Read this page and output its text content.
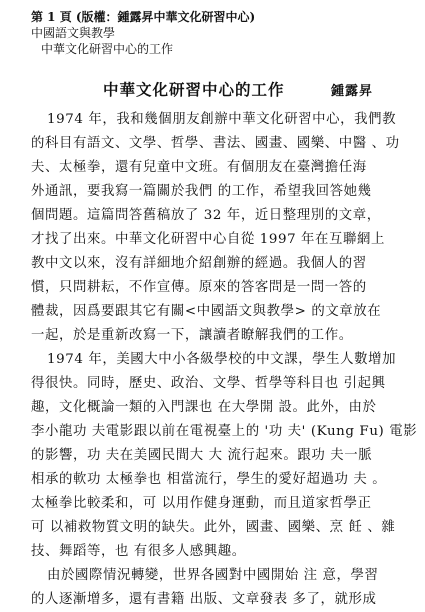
第 1 頁 (版權：鍾露昇中華文化研習中心)
中國語文與教學
中華文化研習中心的工作
中華文化研習中心的工作	鍾露昇
1974 年，我和幾個朋友創辦中華文化研習中心，我們教
的科目有語文、文學、哲學、書法、國畫、國樂、中醫 、功
夫、太極拳，還有兒童中文班。有個朋友在臺灣擔任海
外通訊，要我寫一篇關於我們 的工作，希望我回答她幾
個問題。這篇問答舊稿放了 32 年，近日整理別的文章，
才找了出來。中華文化研習中心自從 1997 年在互聯網上
教中文以來，沒有詳細地介紹創辦的經過。我個人的習
慣，只問耕耘，不作宣傳。原來的答客問是一問一答的
體裁，因爲要跟其它有關<中國語文與教學> 的文章放在
一起，於是重新改寫一下，讓讀者瞭解我們的工作。
1974 年，美國大中小各級學校的中文課，學生人數增加
得很快。同時，歷史、政治、文學、哲學等科目也 引起興
趣，文化概論一類的入門課也 在大學開 設。此外，由於
李小龍功 夫電影跟以前在電視臺上的 '功 夫' (Kung Fu) 電影
的影響，功 夫在美國民間大 大 流行起來。跟功 夫一脈
相承的軟功 太極拳也 相當流行，學生的愛好超過功 夫 。
太極拳比較柔和，可 以用作健身運動，而且道家哲學正
可 以補救物質文明的缺失。此外，國畫、國樂、烹 飪 、雜
技、舞蹈等，也 有很多人感興趣。
由於國際情況轉變，世界各國對中國開始 注 意，學習
的人逐漸增多，還有書籍 出版、文章發表 多了，就形成
